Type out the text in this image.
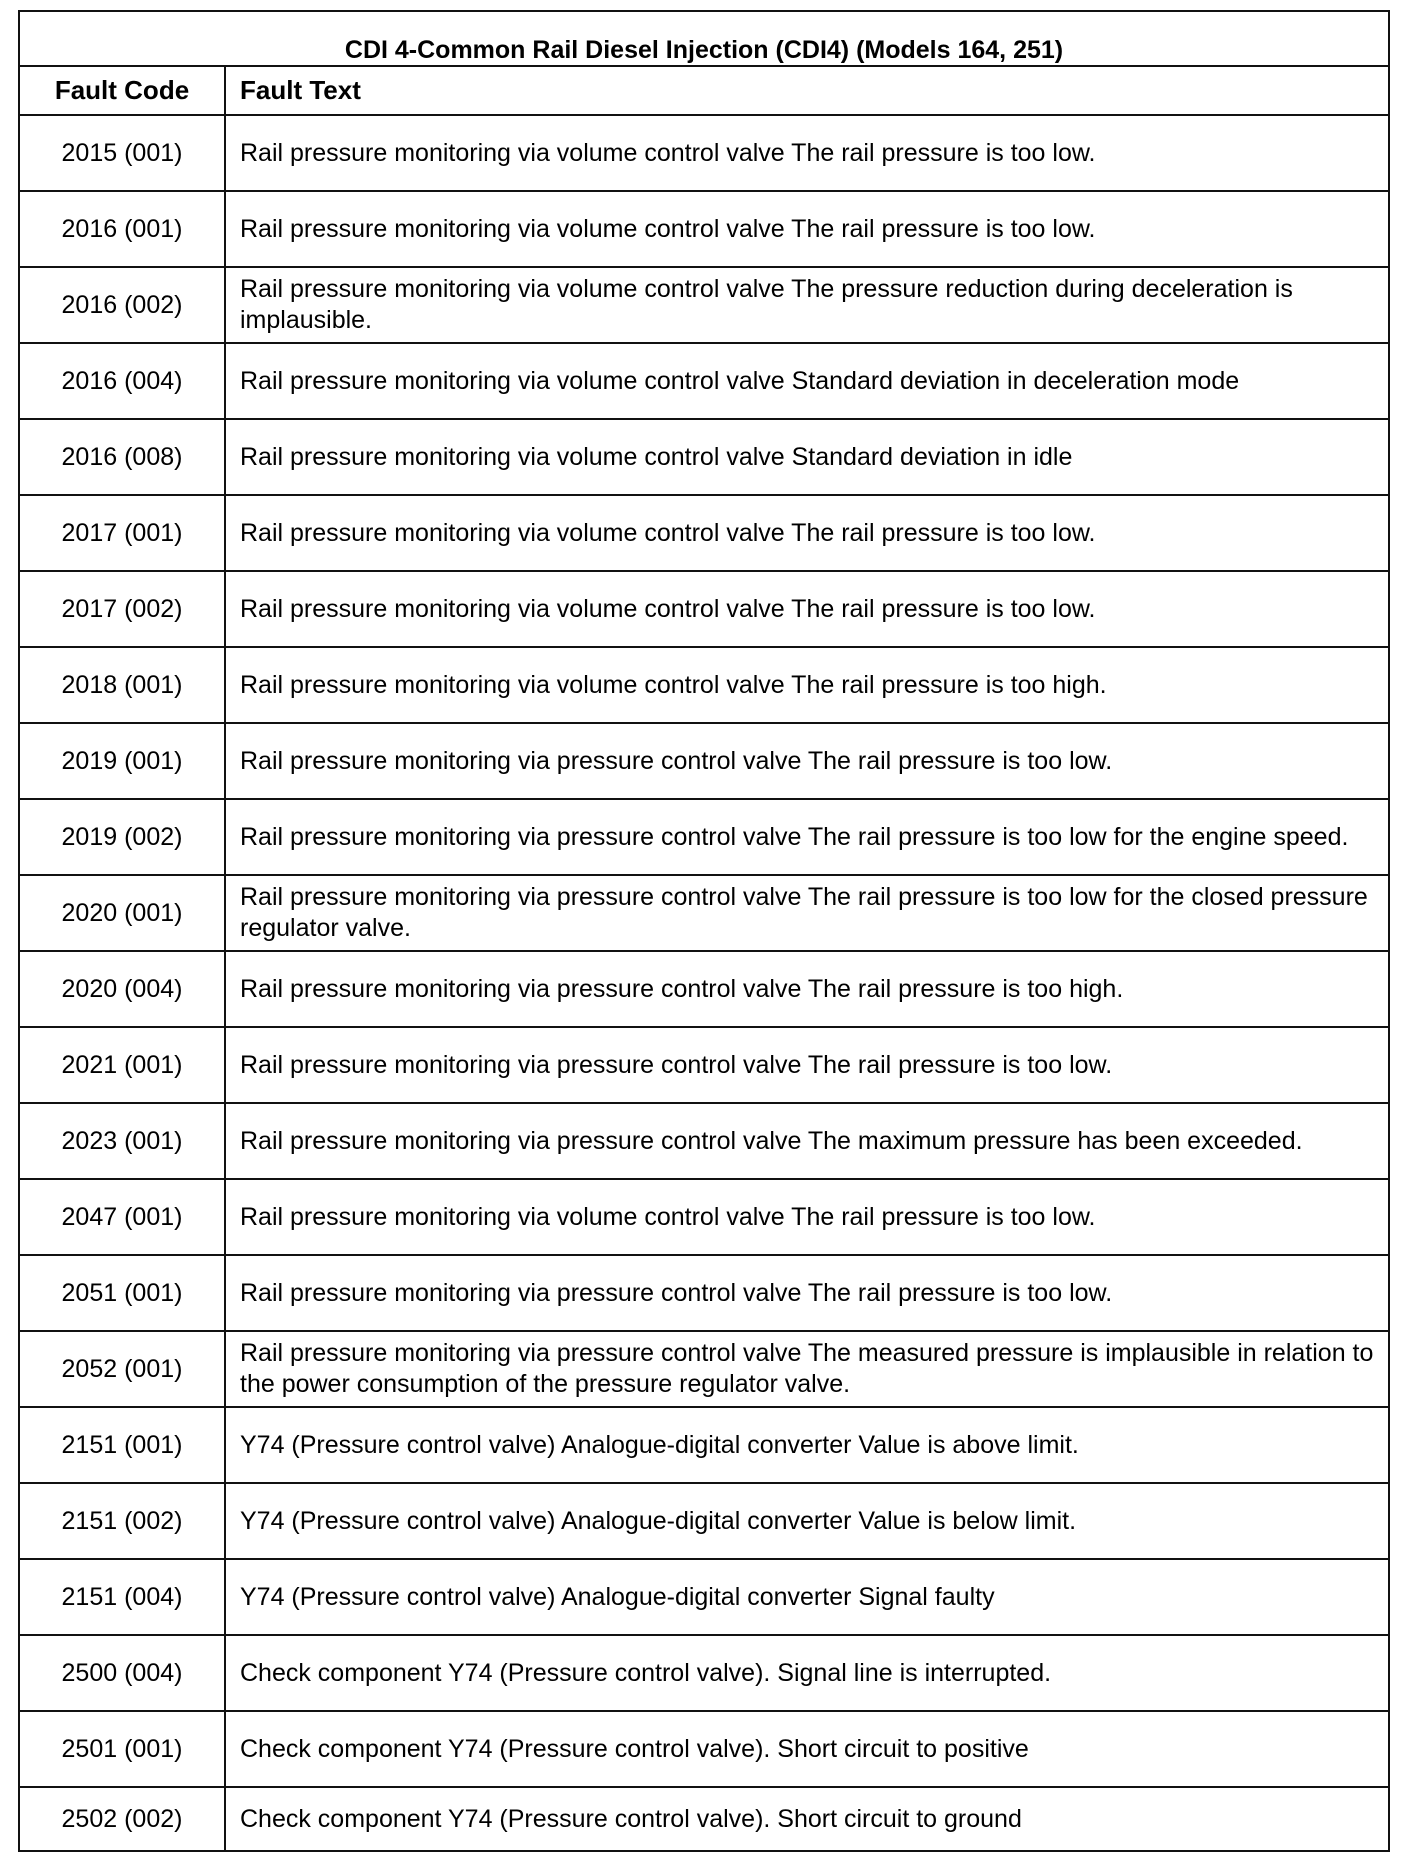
CDI 4-Common Rail Diesel Injection (CDI4) (Models 164, 251)	
Fault Code	Fault Text
2015 (001)	Rail pressure monitoring via volume control valve The rail pressure is too low.
2016 (001)	Rail pressure monitoring via volume control valve The rail pressure is too low.
2016 (002)	Rail pressure monitoring via volume control valve The pressure reduction during deceleration is implausible.
2016 (004)	Rail pressure monitoring via volume control valve Standard deviation in deceleration mode
2016 (008)	Rail pressure monitoring via volume control valve Standard deviation in idle
2017 (001)	Rail pressure monitoring via volume control valve The rail pressure is too low.
2017 (002)	Rail pressure monitoring via volume control valve The rail pressure is too low.
2018 (001)	Rail pressure monitoring via volume control valve The rail pressure is too high.
2019 (001)	Rail pressure monitoring via pressure control valve The rail pressure is too low.
2019 (002)	Rail pressure monitoring via pressure control valve The rail pressure is too low for the engine speed.
2020 (001)	Rail pressure monitoring via pressure control valve The rail pressure is too low for the closed pressure regulator valve.
2020 (004)	Rail pressure monitoring via pressure control valve The rail pressure is too high.
2021 (001)	Rail pressure monitoring via pressure control valve The rail pressure is too low.
2023 (001)	Rail pressure monitoring via pressure control valve The maximum pressure has been exceeded.
2047 (001)	Rail pressure monitoring via volume control valve The rail pressure is too low.
2051 (001)	Rail pressure monitoring via pressure control valve The rail pressure is too low.
2052 (001)	Rail pressure monitoring via pressure control valve The measured pressure is implausible in relation to the power consumption of the pressure regulator valve.
2151 (001)	Y74 (Pressure control valve) Analogue-digital converter Value is above limit.
2151 (002)	Y74 (Pressure control valve) Analogue-digital converter Value is below limit.
2151 (004)	Y74 (Pressure control valve) Analogue-digital converter Signal faulty
2500 (004)	Check component Y74 (Pressure control valve). Signal line is interrupted.
2501 (001)	Check component Y74 (Pressure control valve). Short circuit to positive
2502 (002)	Check component Y74 (Pressure control valve). Short circuit to ground
